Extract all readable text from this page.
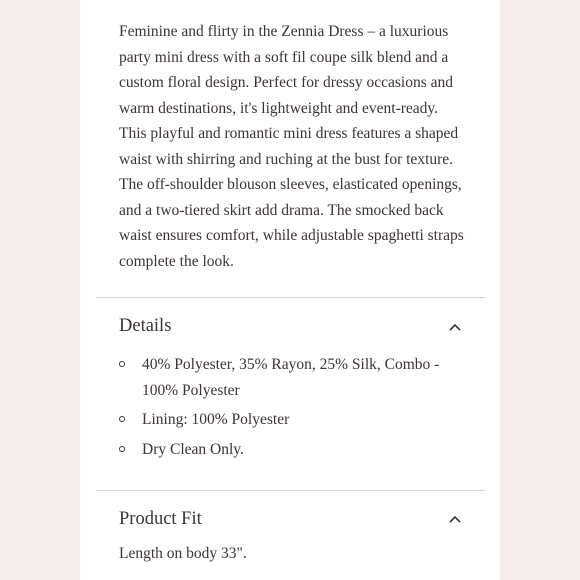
Feminine and flirty in the Zennia Dress – a luxurious party mini dress with a soft fil coupe silk blend and a custom floral design. Perfect for dressy occasions and warm destinations, it's lightweight and event-ready. This playful and romantic mini dress features a shaped waist with shirring and ruching at the bust for texture. The off-shoulder blouson sleeves, elasticated openings, and a two-tiered skirt add drama. The smocked back waist ensures comfort, while adjustable spaghetti straps complete the look.

Details
40% Polyester, 35% Rayon, 25% Silk, Combo - 100% Polyester
Lining: 100% Polyester
Dry Clean Only.
Product Fit

Length on body 33".
